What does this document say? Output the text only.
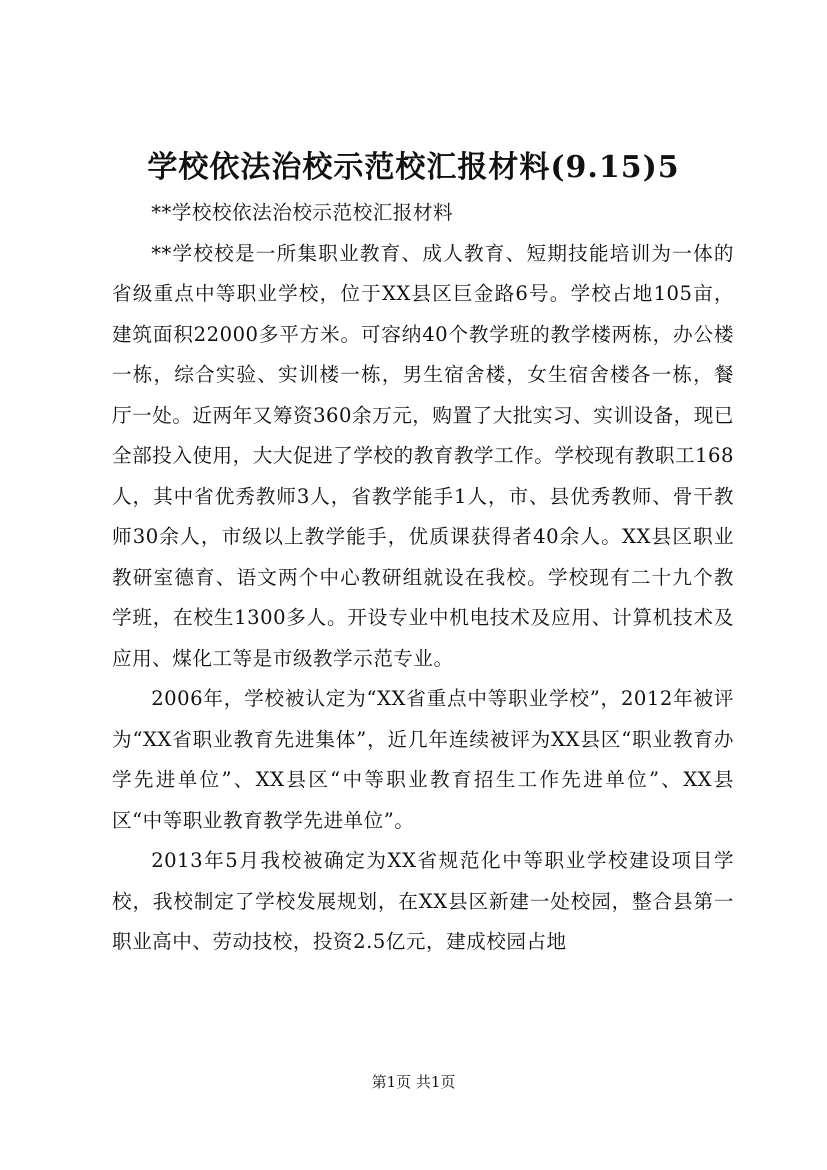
学校依法治校示范校汇报材料(9.15)5

**学校校依法治校示范校汇报材料

**学校校是一所集职业教育、成人教育、短期技能培训为一体的省级重点中等职业学校，位于XX县区巨金路6号。学校占地105亩，建筑面积22000多平方米。可容纳40个教学班的教学楼两栋，办公楼一栋，综合实验、实训楼一栋，男生宿舍楼，女生宿舍楼各一栋，餐厅一处。近两年又筹资360余万元，购置了大批实习、实训设备，现已全部投入使用，大大促进了学校的教育教学工作。学校现有教职工168人，其中省优秀教师3人，省教学能手1人，市、县优秀教师、骨干教师30余人，市级以上教学能手，优质课获得者40余人。XX县区职业教研室德育、语文两个中心教研组就设在我校。学校现有二十九个教学班，在校生1300多人。开设专业中机电技术及应用、计算机技术及应用、煤化工等是市级教学示范专业。

2006年，学校被认定为“XX省重点中等职业学校”，2012年被评为“XX省职业教育先进集体”，近几年连续被评为XX县区“职业教育办学先进单位”、XX县区“中等职业教育招生工作先进单位”、XX县区“中等职业教育教学先进单位”。

2013年5月我校被确定为XX省规范化中等职业学校建设项目学校，我校制定了学校发展规划，在XX县区新建一处校园，整合县第一职业高中、劳动技校，投资2.5亿元，建成校园占地

第1页 共1页
